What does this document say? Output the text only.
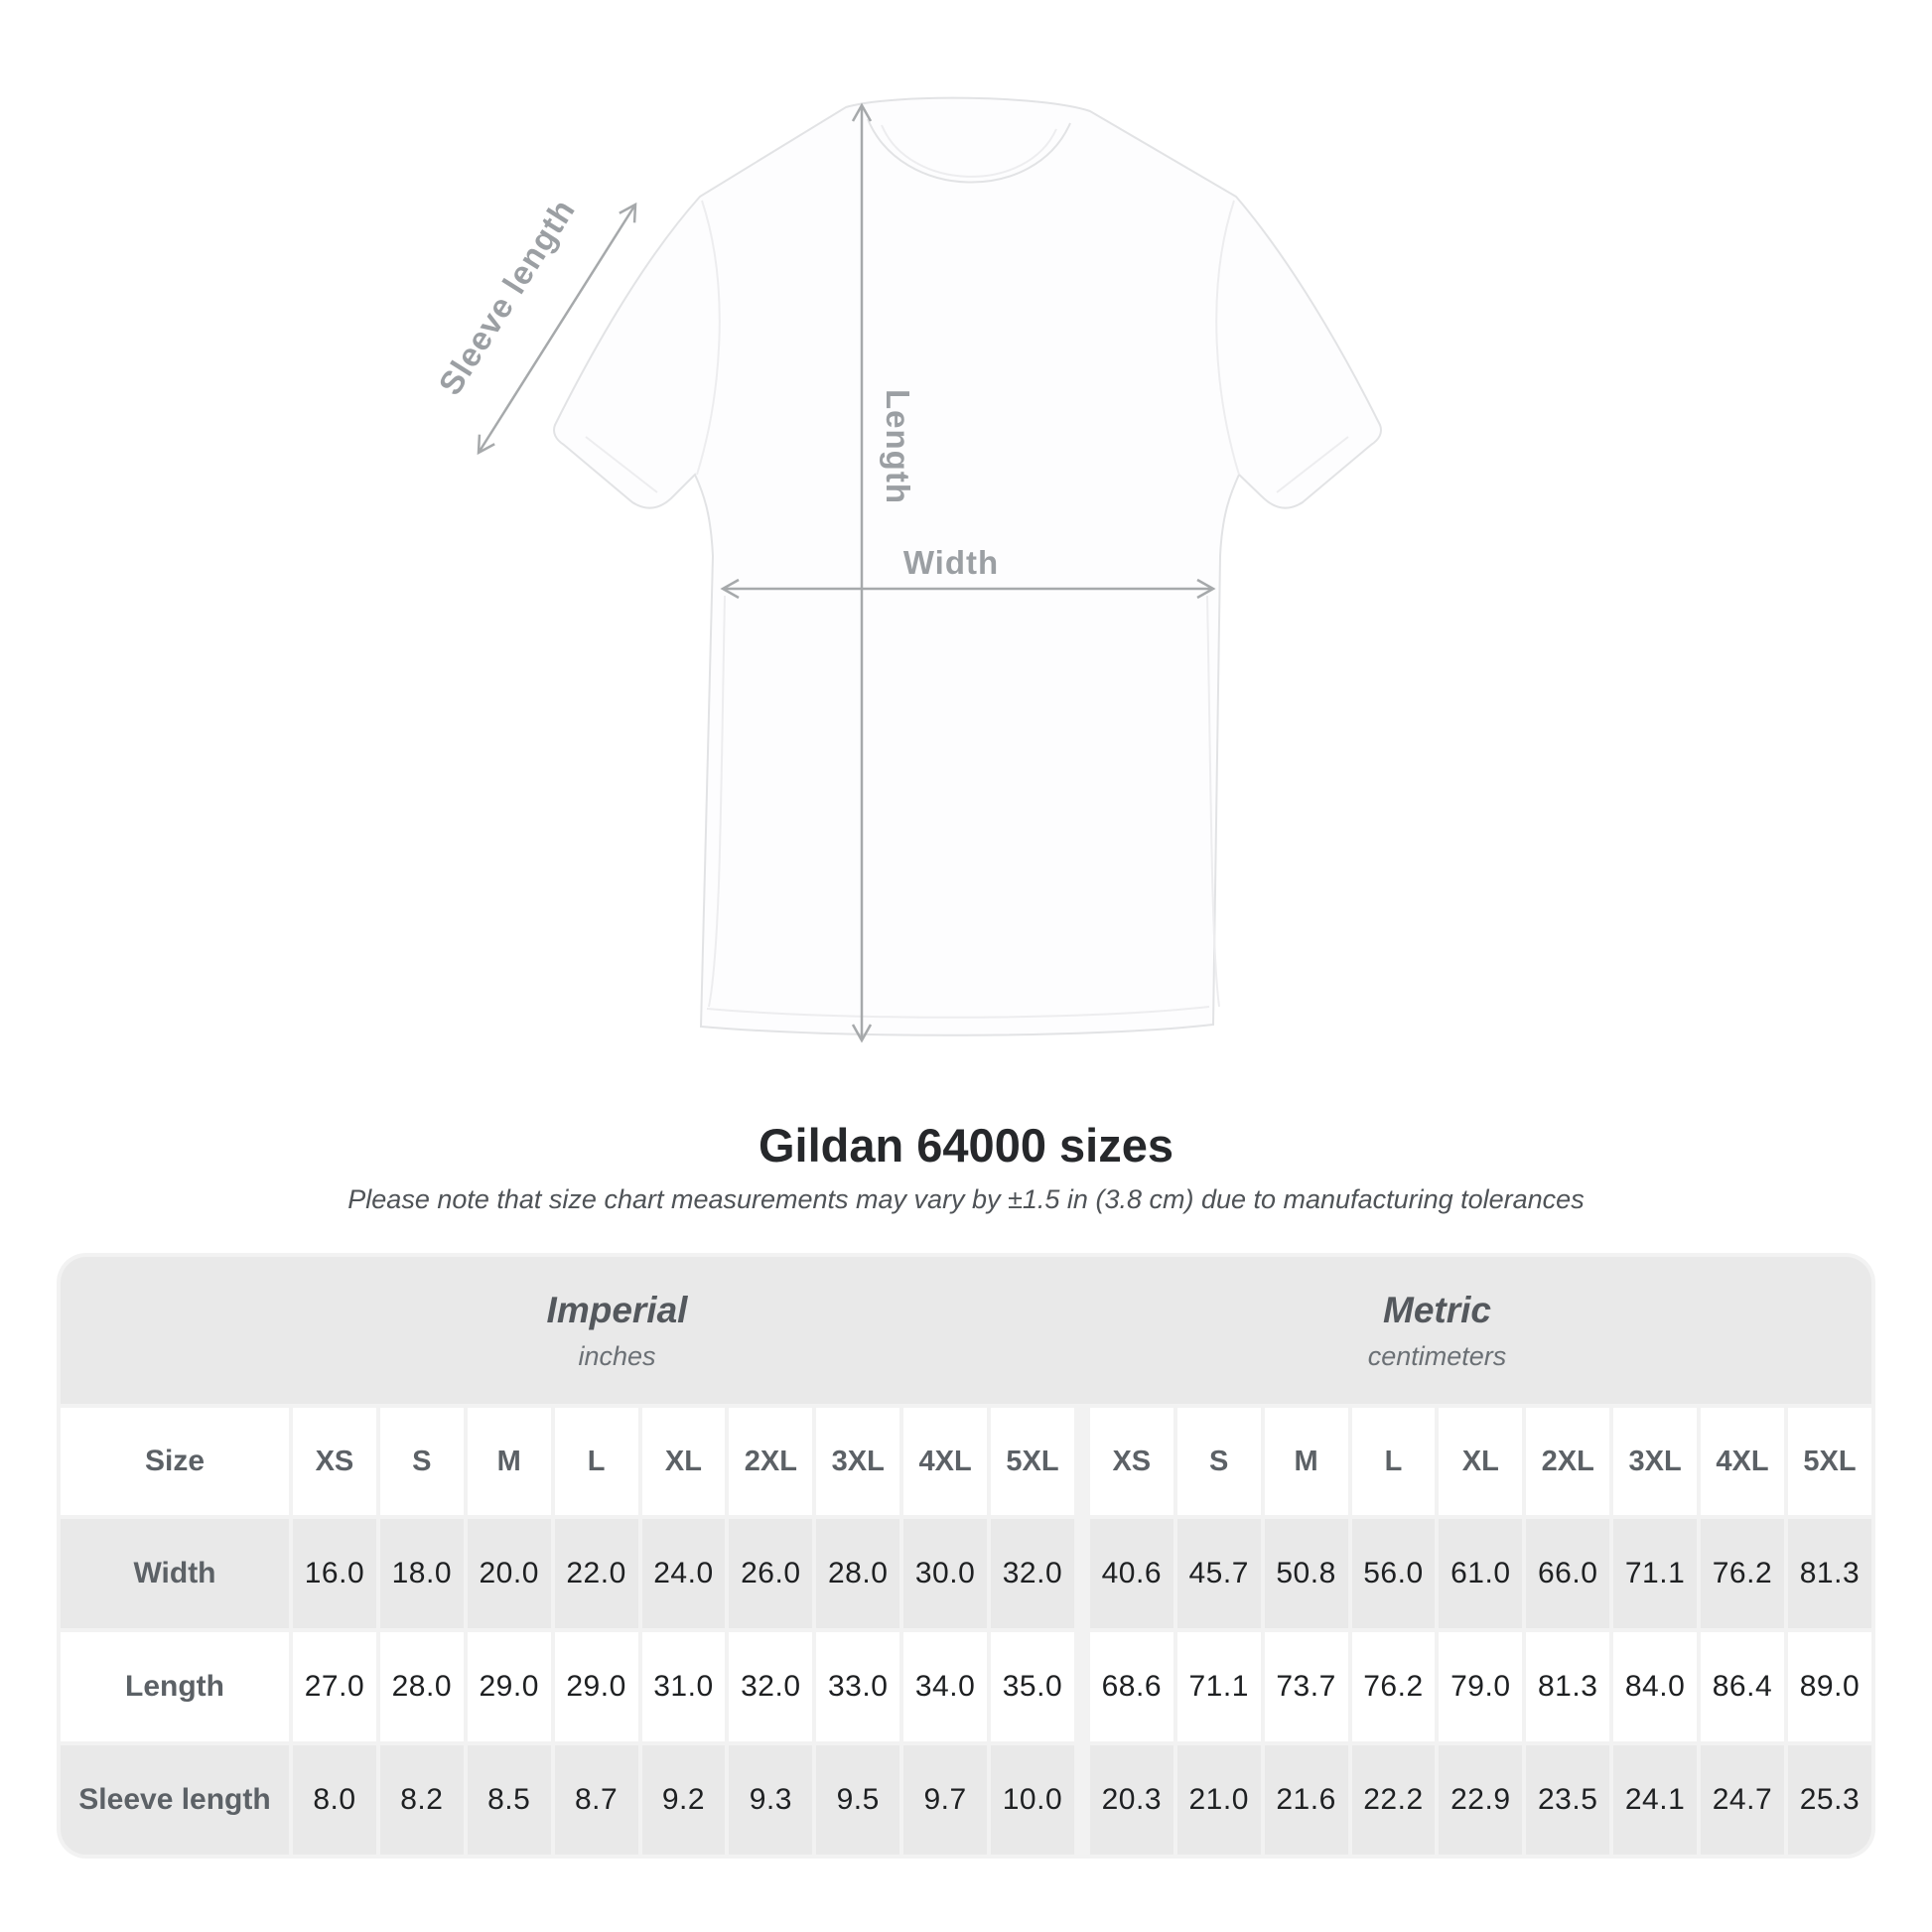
Length
Width
Sleeve length
Gildan 64000 sizes

Please note that size chart measurements may vary by ±1.5 in (3.8 cm) due to manufacturing tolerances

Imperial
inches
Metric
centimeters																			

Size	XS	S	M	L	XL	2XL	3XL	4XL	5XL		XS	S	M	L	XL	2XL	3XL	4XL	5XL
Width	16.0	18.0	20.0	22.0	24.0	26.0	28.0	30.0	32.0		40.6	45.7	50.8	56.0	61.0	66.0	71.1	76.2	81.3
Length	27.0	28.0	29.0	29.0	31.0	32.0	33.0	34.0	35.0		68.6	71.1	73.7	76.2	79.0	81.3	84.0	86.4	89.0
Sleeve length	8.0	8.2	8.5	8.7	9.2	9.3	9.5	9.7	10.0		20.3	21.0	21.6	22.2	22.9	23.5	24.1	24.7	25.3
